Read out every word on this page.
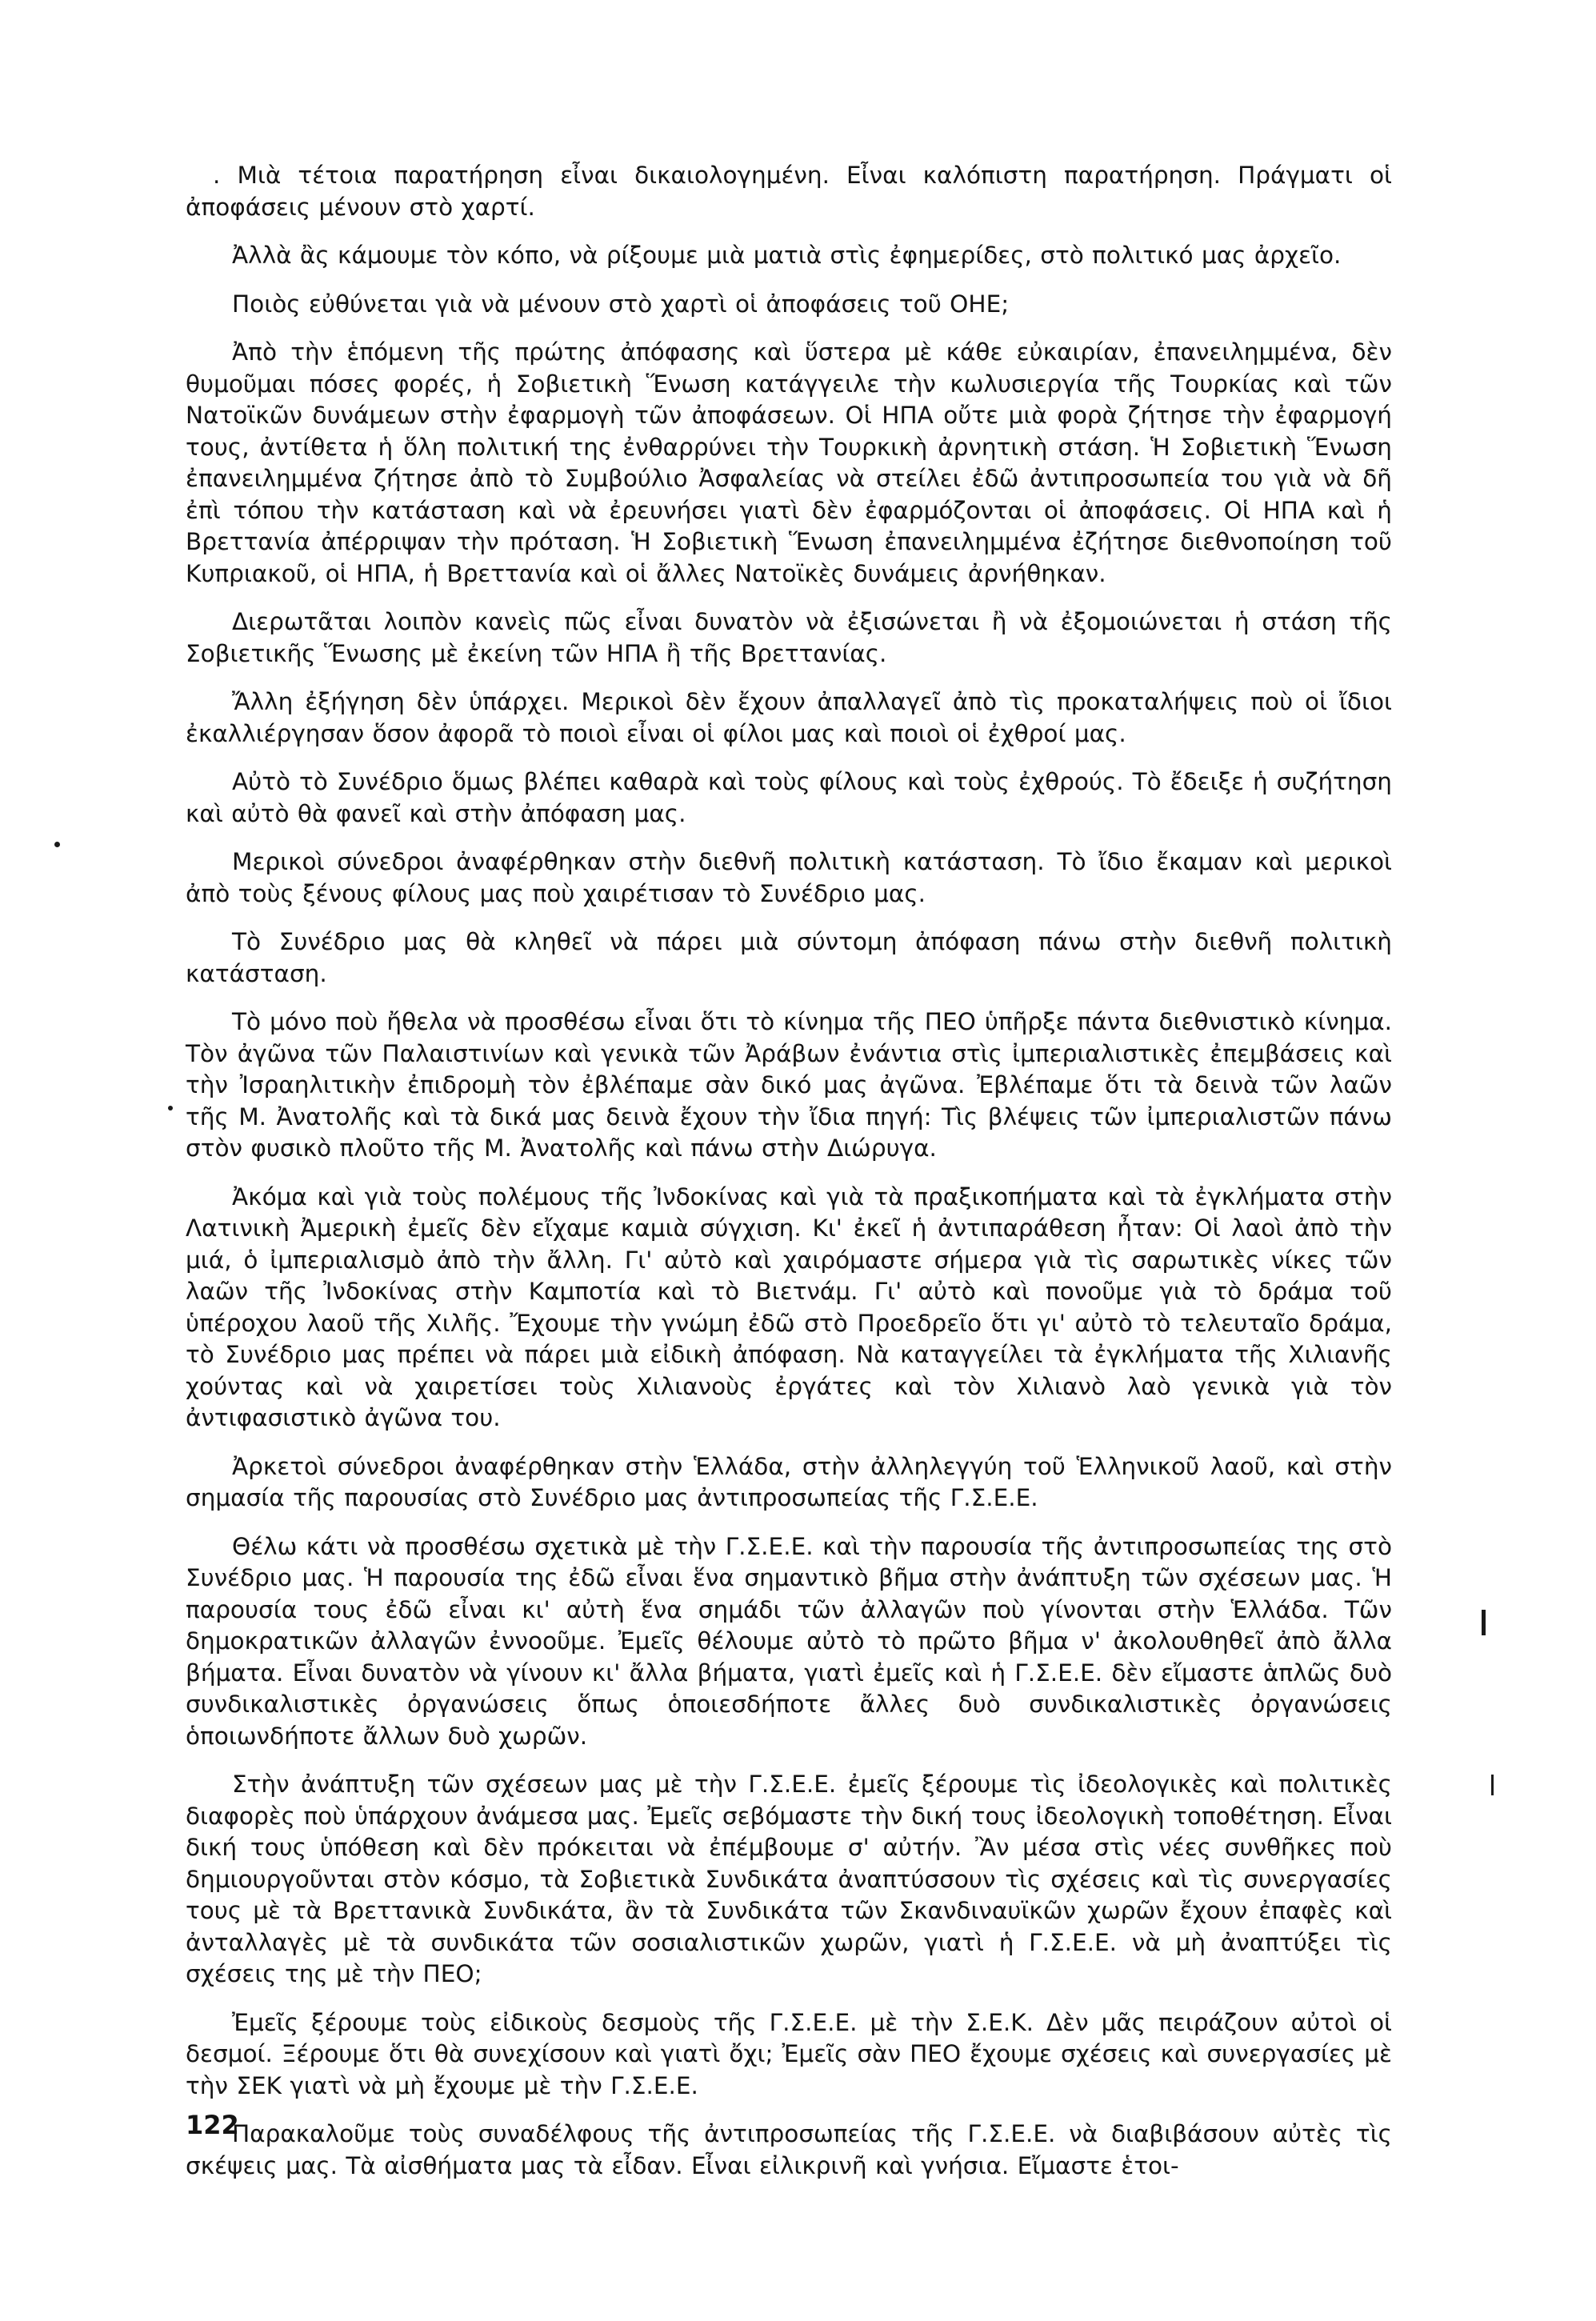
. Μιὰ τέτοια παρατήρηση εἶναι δικαιολογημένη. Εἶναι καλόπιστη παρατήρηση. Πράγματι οἱ ἀποφάσεις μένουν στὸ χαρτί.

Ἀλλὰ ἂς κάμουμε τὸν κόπο, νὰ ρίξουμε μιὰ ματιὰ στὶς ἐφημερίδες, στὸ πολιτικό μας ἀρχεῖο.

Ποιὸς εὐθύνεται γιὰ νὰ μένουν στὸ χαρτὶ οἱ ἀποφάσεις τοῦ ΟΗΕ;

Ἀπὸ τὴν ἑπόμενη τῆς πρώτης ἀπόφασης καὶ ὕστερα μὲ κάθε εὐκαιρίαν, ἐπανειλημμένα, δὲν θυμοῦμαι πόσες φορές, ἡ Σοβιετικὴ Ἕνωση κατάγγειλε τὴν κωλυσιεργία τῆς Τουρκίας καὶ τῶν Νατοϊκῶν δυνάμεων στὴν ἐφαρμογὴ τῶν ἀποφάσεων. Οἱ ΗΠΑ οὔτε μιὰ φορὰ ζήτησε τὴν ἐφαρμογή τους, ἀντίθετα ἡ ὅλη πολιτική της ἐνθαρρύνει τὴν Τουρκικὴ ἀρνητικὴ στάση. Ἡ Σοβιετικὴ Ἕνωση ἐπανειλημμένα ζήτησε ἀπὸ τὸ Συμβούλιο Ἀσφαλείας νὰ στείλει ἐδῶ ἀντιπροσωπεία του γιὰ νὰ δῆ ἐπὶ τόπου τὴν κατάσταση καὶ νὰ ἐρευνήσει γιατὶ δὲν ἐφαρμόζονται οἱ ἀποφάσεις. Οἱ ΗΠΑ καὶ ἡ Βρεττανία ἀπέρριψαν τὴν πρόταση. Ἡ Σοβιετικὴ Ἕνωση ἐπανειλημμένα ἐζήτησε διεθνοποίηση τοῦ Κυπριακοῦ, οἱ ΗΠΑ, ἡ Βρεττανία καὶ οἱ ἄλλες Νατοϊκὲς δυνάμεις ἀρνήθηκαν.

Διερωτᾶται λοιπὸν κανεὶς πῶς εἶναι δυνατὸν νὰ ἐξισώνεται ἢ νὰ ἐξομοιώνεται ἡ στάση τῆς Σοβιετικῆς Ἕνωσης μὲ ἐκείνη τῶν ΗΠΑ ἢ τῆς Βρεττανίας.

Ἄλλη ἐξήγηση δὲν ὑπάρχει. Μερικοὶ δὲν ἔχουν ἀπαλλαγεῖ ἀπὸ τὶς προκαταλήψεις ποὺ οἱ ἴδιοι ἐκαλλιέργησαν ὅσον ἀφορᾶ τὸ ποιοὶ εἶναι οἱ φίλοι μας καὶ ποιοὶ οἱ ἐχθροί μας.

Αὐτὸ τὸ Συνέδριο ὅμως βλέπει καθαρὰ καὶ τοὺς φίλους καὶ τοὺς ἐχθρούς. Τὸ ἔδειξε ἡ συζήτηση καὶ αὐτὸ θὰ φανεῖ καὶ στὴν ἀπόφαση μας.

Μερικοὶ σύνεδροι ἀναφέρθηκαν στὴν διεθνῆ πολιτικὴ κατάσταση. Τὸ ἴδιο ἔκαμαν καὶ μερικοὶ ἀπὸ τοὺς ξένους φίλους μας ποὺ χαιρέτισαν τὸ Συνέδριο μας.

Τὸ Συνέδριο μας θὰ κληθεῖ νὰ πάρει μιὰ σύντομη ἀπόφαση πάνω στὴν διεθνῆ πολιτικὴ κατάσταση.

Τὸ μόνο ποὺ ἤθελα νὰ προσθέσω εἶναι ὅτι τὸ κίνημα τῆς ΠΕΟ ὑπῆρξε πάντα διεθνιστικὸ κίνημα. Τὸν ἀγῶνα τῶν Παλαιστινίων καὶ γενικὰ τῶν Ἀράβων ἐνάντια στὶς ἰμπεριαλιστικὲς ἐπεμβάσεις καὶ τὴν Ἰσραηλιτικὴν ἐπιδρομὴ τὸν ἐβλέπαμε σὰν δικό μας ἀγῶνα. Ἐβλέπαμε ὅτι τὰ δεινὰ τῶν λαῶν τῆς Μ. Ἀνατολῆς καὶ τὰ δικά μας δεινὰ ἔχουν τὴν ἴδια πηγή: Τὶς βλέψεις τῶν ἰμπεριαλιστῶν πάνω στὸν φυσικὸ πλοῦτο τῆς Μ. Ἀνατολῆς καὶ πάνω στὴν Διώρυγα.

Ἀκόμα καὶ γιὰ τοὺς πολέμους τῆς Ἰνδοκίνας καὶ γιὰ τὰ πραξικοπήματα καὶ τὰ ἐγκλήματα στὴν Λατινικὴ Ἀμερικὴ ἐμεῖς δὲν εἴχαμε καμιὰ σύγχιση. Κι' ἐκεῖ ἡ ἀντιπαράθεση ἦταν: Οἱ λαοὶ ἀπὸ τὴν μιά, ὁ ἰμπεριαλισμὸ ἀπὸ τὴν ἄλλη. Γι' αὐτὸ καὶ χαιρόμαστε σήμερα γιὰ τὶς σαρωτικὲς νίκες τῶν λαῶν τῆς Ἰνδοκίνας στὴν Καμποτία καὶ τὸ Βιετνάμ. Γι' αὐτὸ καὶ πονοῦμε γιὰ τὸ δράμα τοῦ ὑπέροχου λαοῦ τῆς Χιλῆς. Ἔχουμε τὴν γνώμη ἐδῶ στὸ Προεδρεῖο ὅτι γι' αὐτὸ τὸ τελευταῖο δράμα, τὸ Συνέδριο μας πρέπει νὰ πάρει μιὰ εἰδικὴ ἀπόφαση. Νὰ καταγγείλει τὰ ἐγκλήματα τῆς Χιλιανῆς χούντας καὶ νὰ χαιρετίσει τοὺς Χιλιανοὺς ἐργάτες καὶ τὸν Χιλιανὸ λαὸ γενικὰ γιὰ τὸν ἀντιφασιστικὸ ἀγῶνα του.

Ἀρκετοὶ σύνεδροι ἀναφέρθηκαν στὴν Ἑλλάδα, στὴν ἀλληλεγγύη τοῦ Ἑλληνικοῦ λαοῦ, καὶ στὴν σημασία τῆς παρουσίας στὸ Συνέδριο μας ἀντιπροσωπείας τῆς Γ.Σ.Ε.Ε.

Θέλω κάτι νὰ προσθέσω σχετικὰ μὲ τὴν Γ.Σ.Ε.Ε. καὶ τὴν παρουσία τῆς ἀντιπροσωπείας της στὸ Συνέδριο μας. Ἡ παρουσία της ἐδῶ εἶναι ἕνα σημαντικὸ βῆμα στὴν ἀνάπτυξη τῶν σχέσεων μας. Ἡ παρουσία τους ἐδῶ εἶναι κι' αὐτὴ ἕνα σημάδι τῶν ἀλλαγῶν ποὺ γίνονται στὴν Ἑλλάδα. Τῶν δημοκρατικῶν ἀλλαγῶν ἐννοοῦμε. Ἐμεῖς θέλουμε αὐτὸ τὸ πρῶτο βῆμα ν' ἀκολουθηθεῖ ἀπὸ ἄλλα βήματα. Εἶναι δυνατὸν νὰ γίνουν κι' ἄλλα βήματα, γιατὶ ἐμεῖς καὶ ἡ Γ.Σ.Ε.Ε. δὲν εἴμαστε ἁπλῶς δυὸ συνδικαλιστικὲς ὀργανώσεις ὅπως ὁποιεσδήποτε ἄλλες δυὸ συνδικαλιστικὲς ὀργανώσεις ὁποιωνδήποτε ἄλλων δυὸ χωρῶν.

Στὴν ἀνάπτυξη τῶν σχέσεων μας μὲ τὴν Γ.Σ.Ε.Ε. ἐμεῖς ξέρουμε τὶς ἰδεολογικὲς καὶ πολιτικὲς διαφορὲς ποὺ ὑπάρχουν ἀνάμεσα μας. Ἐμεῖς σεβόμαστε τὴν δική τους ἰδεολογικὴ τοποθέτηση. Εἶναι δική τους ὑπόθεση καὶ δὲν πρόκειται νὰ ἐπέμβουμε σ' αὐτήν. Ἂν μέσα στὶς νέες συνθῆκες ποὺ δημιουργοῦνται στὸν κόσμο, τὰ Σοβιετικὰ Συνδικάτα ἀναπτύσσουν τὶς σχέσεις καὶ τὶς συνεργασίες τους μὲ τὰ Βρεττανικὰ Συνδικάτα, ἂν τὰ Συνδικάτα τῶν Σκανδιναυϊκῶν χωρῶν ἔχουν ἐπαφὲς καὶ ἀνταλλαγὲς μὲ τὰ συνδικάτα τῶν σοσιαλιστικῶν χωρῶν, γιατὶ ἡ Γ.Σ.Ε.Ε. νὰ μὴ ἀναπτύξει τὶς σχέσεις της μὲ τὴν ΠΕΟ;

Ἐμεῖς ξέρουμε τοὺς εἰδικοὺς δεσμοὺς τῆς Γ.Σ.Ε.Ε. μὲ τὴν Σ.Ε.Κ. Δὲν μᾶς πειράζουν αὐτοὶ οἱ δεσμοί. Ξέρουμε ὅτι θὰ συνεχίσουν καὶ γιατὶ ὄχι; Ἐμεῖς σὰν ΠΕΟ ἔχουμε σχέσεις καὶ συνεργασίες μὲ τὴν ΣΕΚ γιατὶ νὰ μὴ ἔχουμε μὲ τὴν Γ.Σ.Ε.Ε.

Παρακαλοῦμε τοὺς συναδέλφους τῆς ἀντιπροσωπείας τῆς Γ.Σ.Ε.Ε. νὰ διαβιβάσουν αὐτὲς τὶς σκέψεις μας. Τὰ αἰσθήματα μας τὰ εἶδαν. Εἶναι εἰλικρινῆ καὶ γνήσια. Εἴμαστε ἑτοι-

122
